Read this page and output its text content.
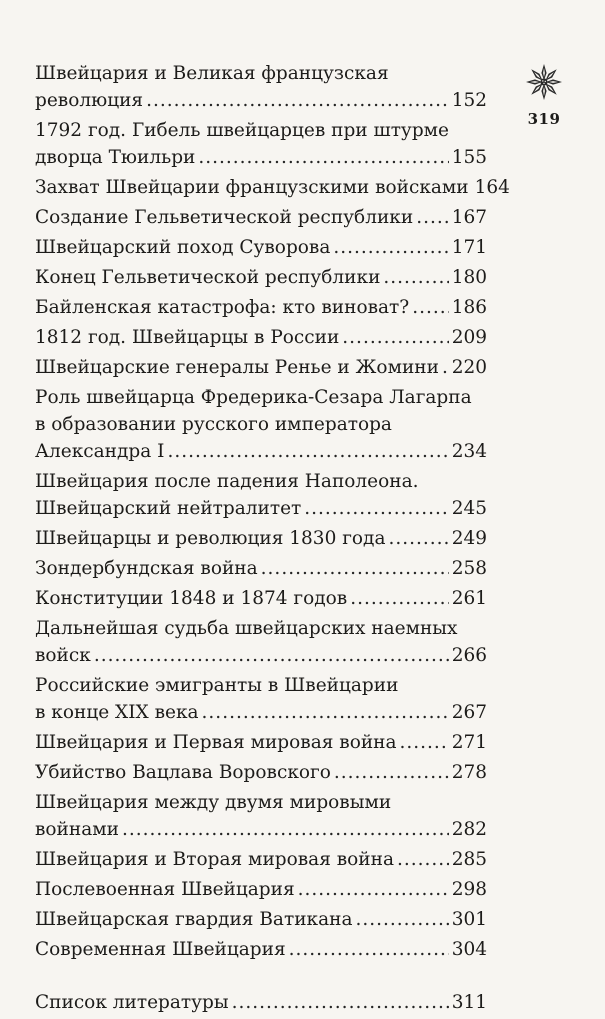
319
Швейцария и Великая французская
революция .....	152
1792 год. Гибель швейцарцев при штурме
дворца Тюильри .....	155
Захват Швейцарии французскими войсками 164
Создание Гельветической республики ..... 167
Швейцарский поход Суворова .....	171
Конец Гельветической республики .....	180
Байленская катастрофа: кто виноват? ..... 186
1812 год. Швейцарцы в России .....	209
Швейцарские генералы Ренье и Жомини ..... 220
Роль швейцарца Фредерика-Сезара Лагарпа
в образовании русского императора
Александра I .....	234
Швейцария после падения Наполеона.
Швейцарский нейтралитет .....	245
Швейцарцы и революция 1830 года .....	249
Зондербундская война .....	258
Конституции 1848 и 1874 годов .....	261
Дальнейшая судьба швейцарских наемных
войск .....	266
Российские эмигранты в Швейцарии
в конце XIX века .....	267
Швейцария и Первая мировая война .....	271
Убийство Вацлава Воровского .....	278
Швейцария между двумя мировыми
войнами .....	282
Швейцария и Вторая мировая война .....	285
Послевоенная Швейцария .....	298
Швейцарская гвардия Ватикана .....	301
Современная Швейцария .....	304
Список литературы .....	311
